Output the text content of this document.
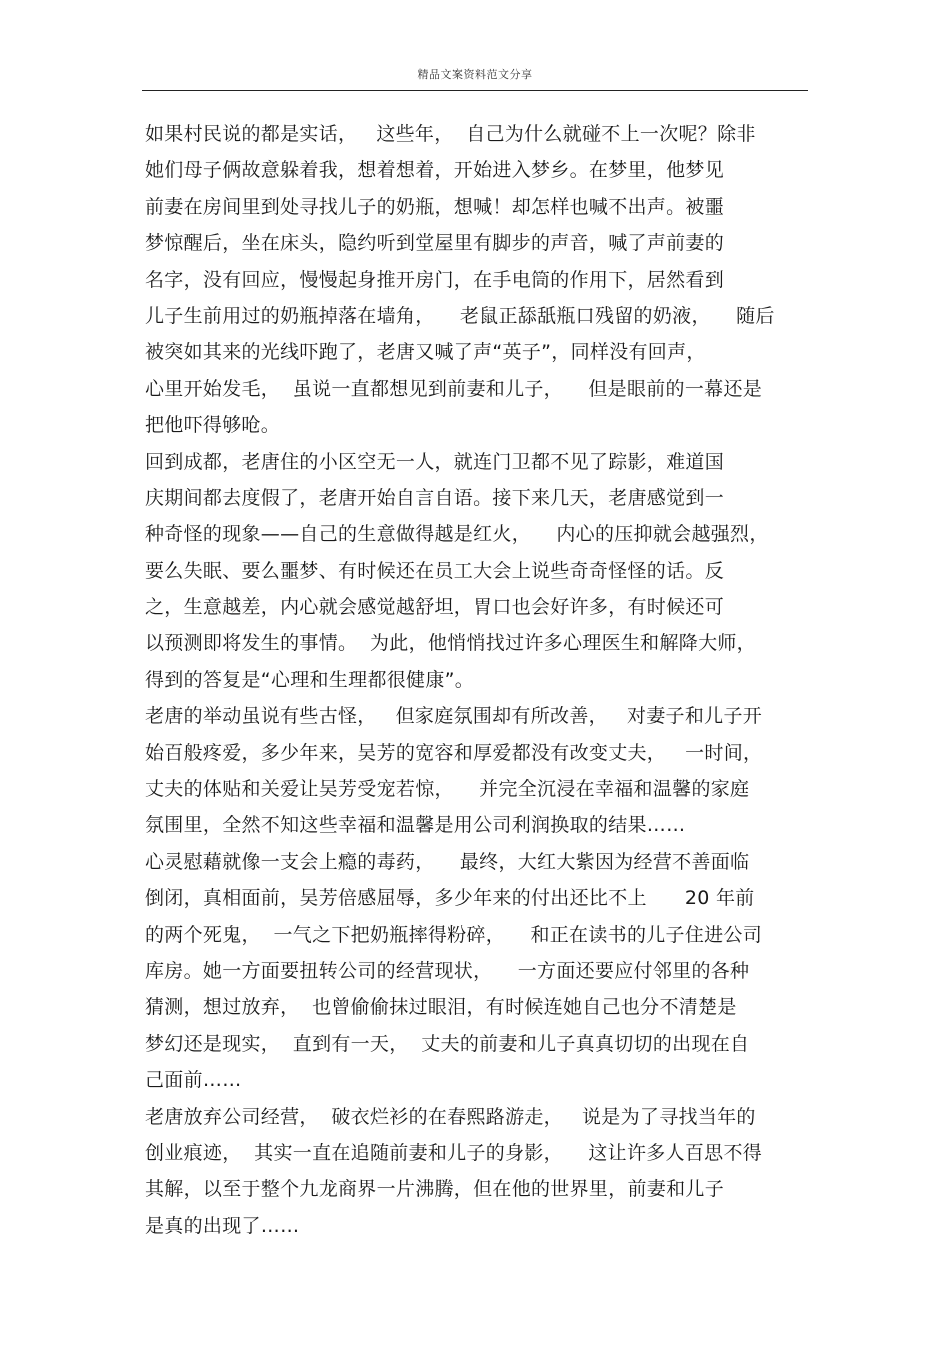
精品文案资料范文分享
如果村民说的都是实话，   这些年，  自己为什么就碰不上一次呢？除非
她们母子俩故意躲着我，想着想着，开始进入梦乡。在梦里，他梦见
前妻在房间里到处寻找儿子的奶瓶，想喊！却怎样也喊不出声。被噩
梦惊醒后，坐在床头，隐约听到堂屋里有脚步的声音，喊了声前妻的
名字，没有回应，慢慢起身推开房门，在手电筒的作用下，居然看到
儿子生前用过的奶瓶掉落在墙角，    老鼠正舔舐瓶口残留的奶液，    随后
被突如其来的光线吓跑了，老唐又喊了声“英子”，同样没有回声，
心里开始发毛，  虽说一直都想见到前妻和儿子，    但是眼前的一幕还是
把他吓得够呛。
回到成都，老唐住的小区空无一人，就连门卫都不见了踪影，难道国
庆期间都去度假了，老唐开始自言自语。接下来几天，老唐感觉到一
种奇怪的现象——自己的生意做得越是红火，    内心的压抑就会越强烈，
要么失眠、要么噩梦、有时候还在员工大会上说些奇奇怪怪的话。反
之，生意越差，内心就会感觉越舒坦，胃口也会好许多，有时候还可
以预测即将发生的事情。  为此，他悄悄找过许多心理医生和解降大师，
得到的答复是“心理和生理都很健康”。
老唐的举动虽说有些古怪，   但家庭氛围却有所改善，   对妻子和儿子开
始百般疼爱，多少年来，吴芳的宽容和厚爱都没有改变丈夫，   一时间，
丈夫的体贴和关爱让吴芳受宠若惊，    并完全沉浸在幸福和温馨的家庭
氛围里，全然不知这些幸福和温馨是用公司利润换取的结果……
心灵慰藉就像一支会上瘾的毒药，    最终，大红大紫因为经营不善面临
倒闭，真相面前，吴芳倍感屈辱，多少年来的付出还比不上      20 年前
的两个死鬼，  一气之下把奶瓶摔得粉碎，    和正在读书的儿子住进公司
库房。她一方面要扭转公司的经营现状，    一方面还要应付邻里的各种
猜测，想过放弃，  也曾偷偷抹过眼泪，有时候连她自己也分不清楚是
梦幻还是现实，  直到有一天，  丈夫的前妻和儿子真真切切的出现在自
己面前……
老唐放弃公司经营，  破衣烂衫的在春熙路游走，   说是为了寻找当年的
创业痕迹，  其实一直在追随前妻和儿子的身影，    这让许多人百思不得
其解，以至于整个九龙商界一片沸腾，但在他的世界里，前妻和儿子
是真的出现了……
